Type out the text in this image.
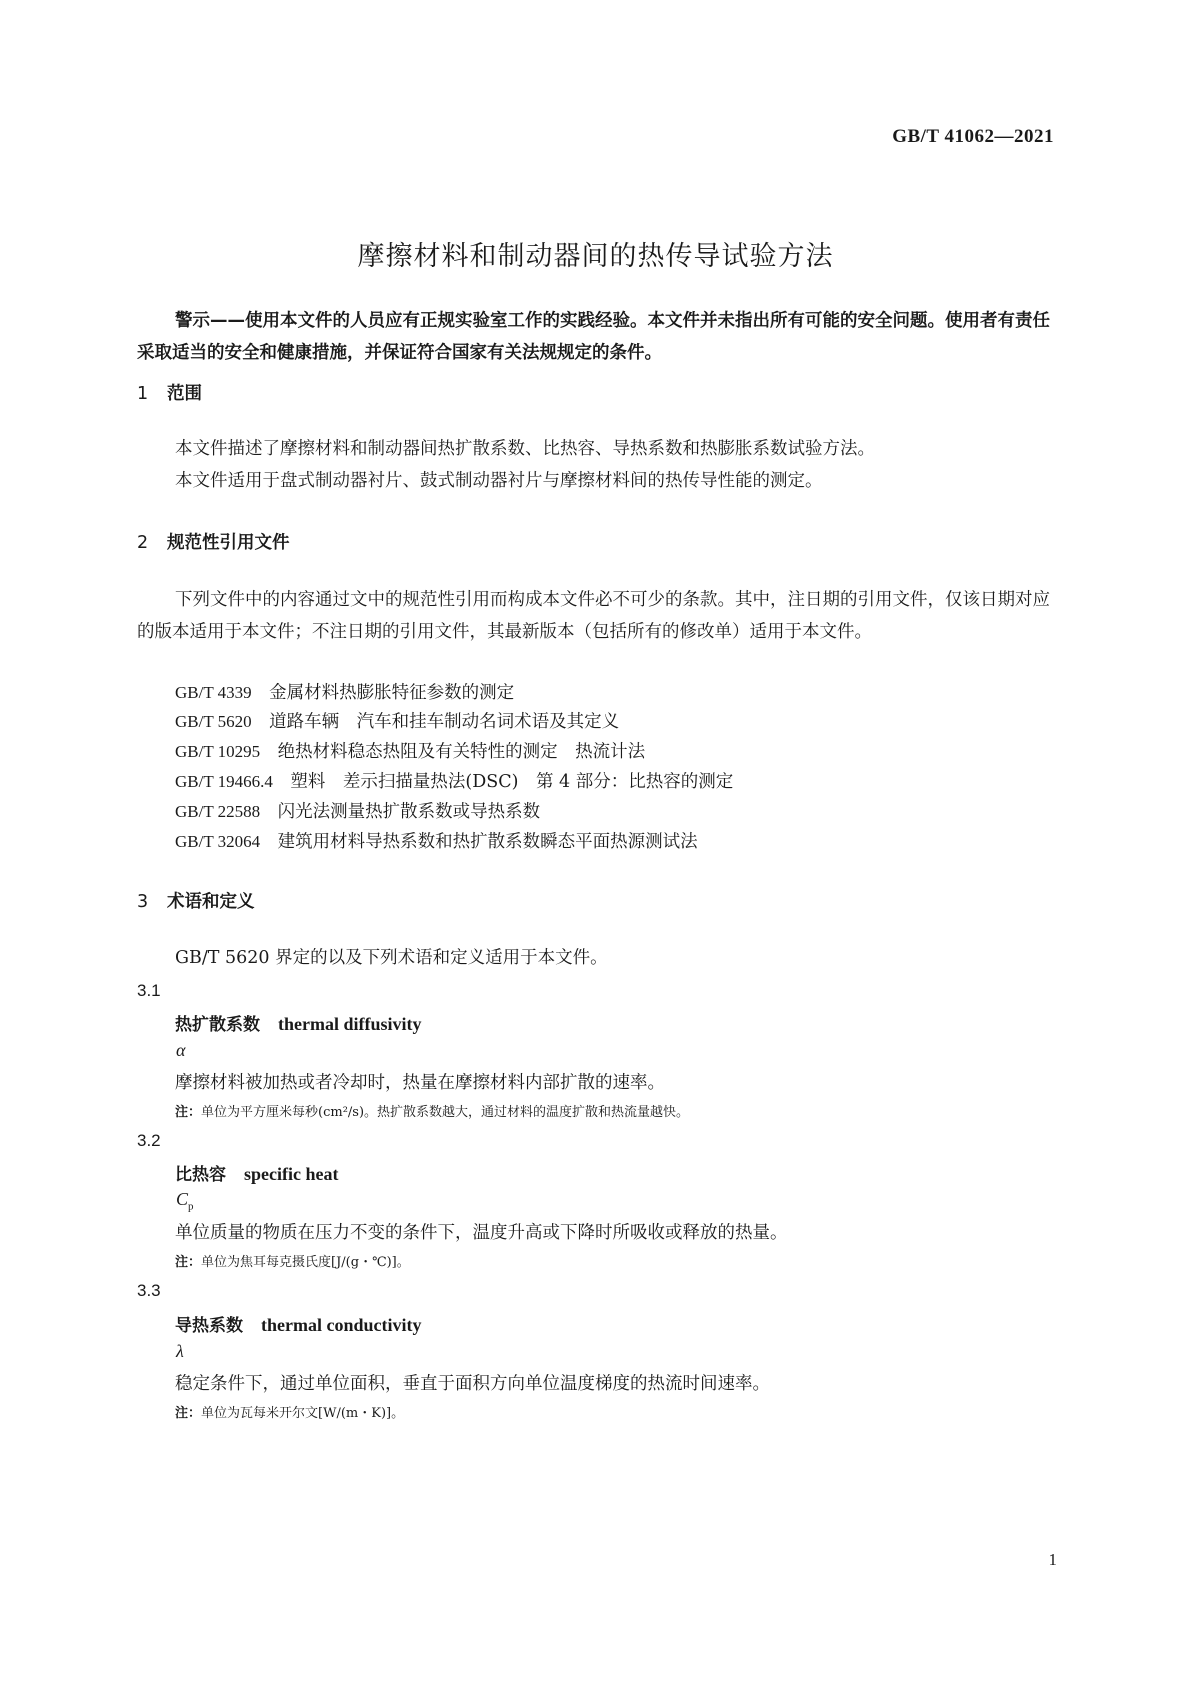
GB/T 41062—2021
摩擦材料和制动器间的热传导试验方法
警示——使用本文件的人员应有正规实验室工作的实践经验。本文件并未指出所有可能的安全问题。使用者有责任采取适当的安全和健康措施，并保证符合国家有关法规规定的条件。
1 范围
本文件描述了摩擦材料和制动器间热扩散系数、比热容、导热系数和热膨胀系数试验方法。
本文件适用于盘式制动器衬片、鼓式制动器衬片与摩擦材料间的热传导性能的测定。
2 规范性引用文件
下列文件中的内容通过文中的规范性引用而构成本文件必不可少的条款。其中，注日期的引用文件，仅该日期对应的版本适用于本文件；不注日期的引用文件，其最新版本（包括所有的修改单）适用于本文件。
GB/T 4339　 金属材料热膨胀特征参数的测定
GB/T 5620　 道路车辆　汽车和挂车制动名词术语及其定义
GB/T 10295　 绝热材料稳态热阻及有关特性的测定　热流计法
GB/T 19466.4　 塑料　差示扫描量热法(DSC)　第 4 部分：比热容的测定
GB/T 22588　 闪光法测量热扩散系数或导热系数
GB/T 32064　 建筑用材料导热系数和热扩散系数瞬态平面热源测试法
3 术语和定义
GB/T 5620 界定的以及下列术语和定义适用于本文件。
3.1
热扩散系数 thermal diffusivity
α
摩擦材料被加热或者冷却时，热量在摩擦材料内部扩散的速率。
注：单位为平方厘米每秒(cm²/s)。热扩散系数越大，通过材料的温度扩散和热流量越快。
3.2
比热容 specific heat
$C_p$
单位质量的物质在压力不变的条件下，温度升高或下降时所吸收或释放的热量。
注：单位为焦耳每克摄氏度[J/(g・℃)]。
3.3
导热系数 thermal conductivity
λ
稳定条件下，通过单位面积，垂直于面积方向单位温度梯度的热流时间速率。
注：单位为瓦每米开尔文[W/(m・K)]。
1
